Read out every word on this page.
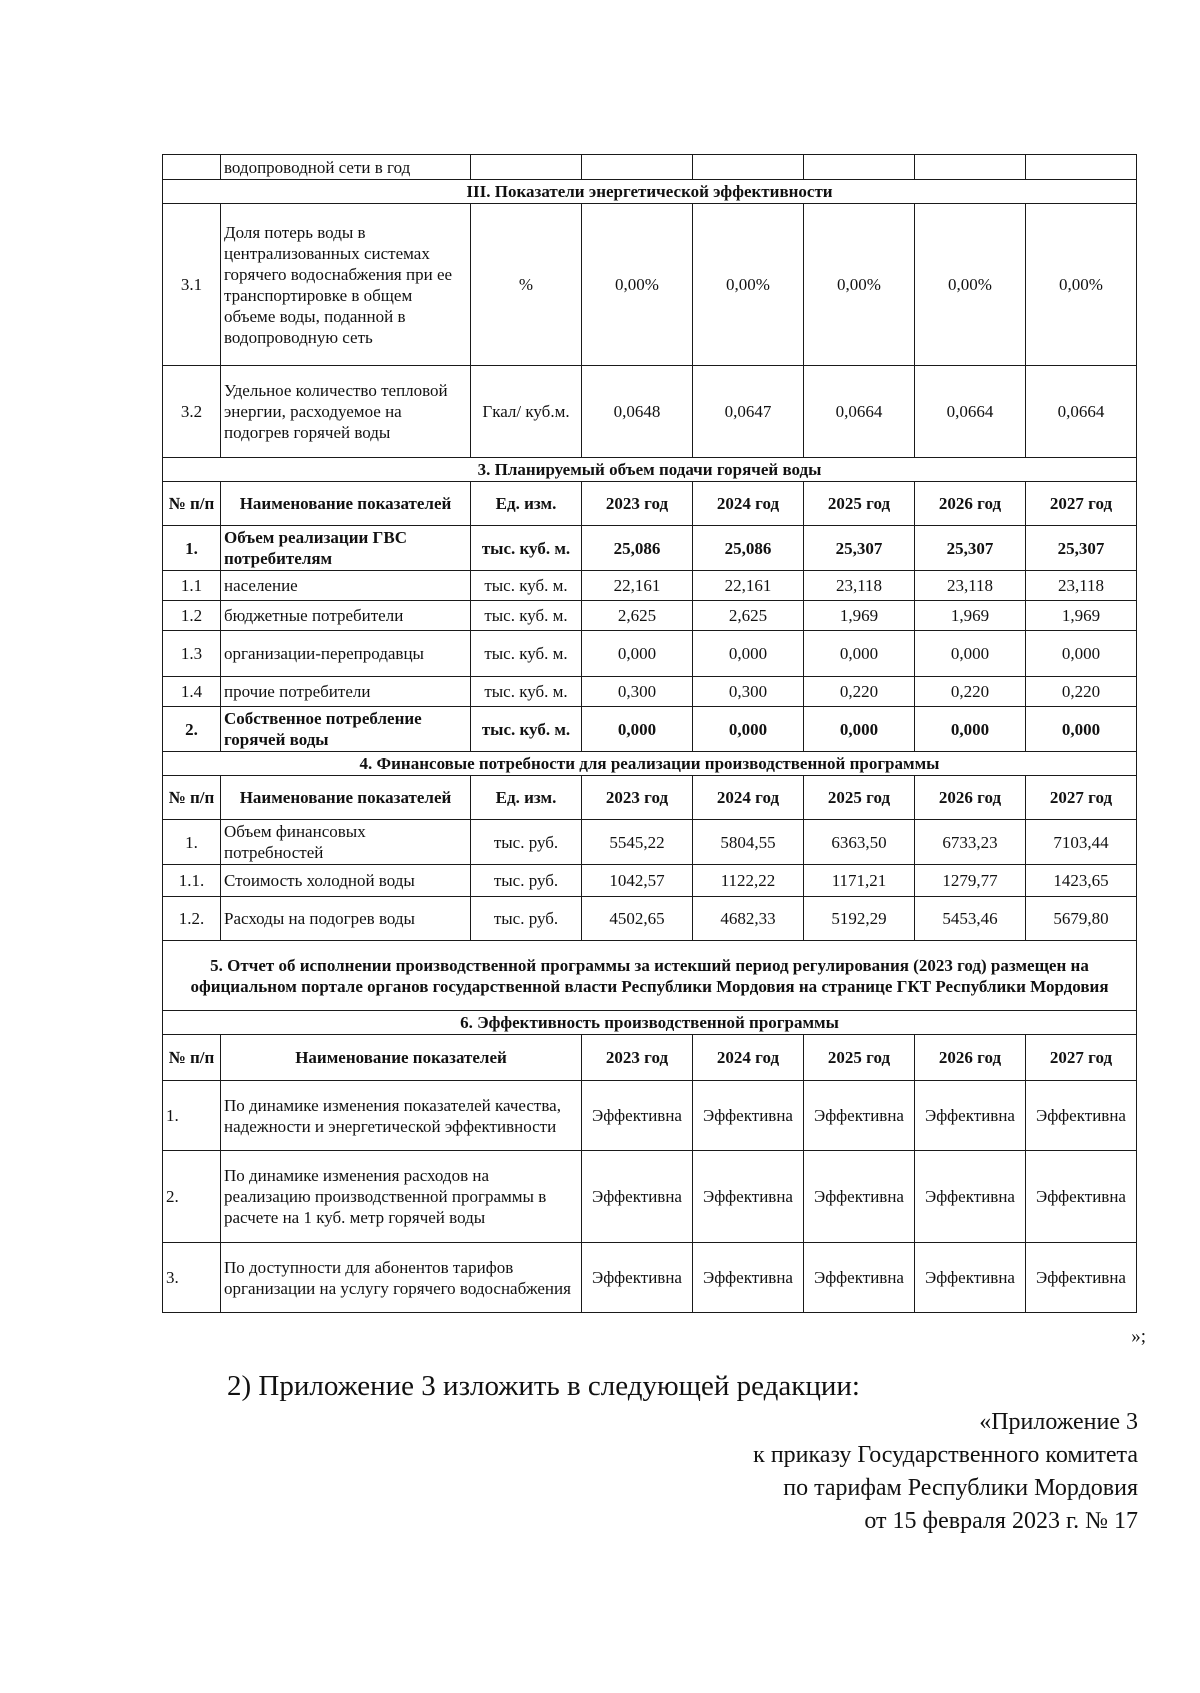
	водопроводной сети в год						
III. Показатели энергетической эффективности							
3.1	Доля потерь воды в централизованных системах горячего водоснабжения при ее транспортировке в общем объеме воды, поданной в водопроводную сеть	%	0,00%	0,00%	0,00%	0,00%	0,00%
3.2	Удельное количество тепловой энергии, расходуемое на подогрев горячей воды	Гкал/ куб.м.	0,0648	0,0647	0,0664	0,0664	0,0664
3. Планируемый объем подачи горячей воды							
№ п/п	Наименование показателей	Ед. изм.	2023 год	2024 год	2025 год	2026 год	2027 год
1.	Объем реализации ГВС потребителям	тыс. куб. м.	25,086	25,086	25,307	25,307	25,307
1.1	население	тыс. куб. м.	22,161	22,161	23,118	23,118	23,118
1.2	бюджетные потребители	тыс. куб. м.	2,625	2,625	1,969	1,969	1,969
1.3	организации-перепродавцы	тыс. куб. м.	0,000	0,000	0,000	0,000	0,000
1.4	прочие потребители	тыс. куб. м.	0,300	0,300	0,220	0,220	0,220
2.	Собственное потребление горячей воды	тыс. куб. м.	0,000	0,000	0,000	0,000	0,000
4. Финансовые потребности для реализации производственной программы							
№ п/п	Наименование показателей	Ед. изм.	2023 год	2024 год	2025 год	2026 год	2027 год
1.	Объем финансовых потребностей	тыс. руб.	5545,22	5804,55	6363,50	6733,23	7103,44
1.1.	Стоимость холодной воды	тыс. руб.	1042,57	1122,22	1171,21	1279,77	1423,65
1.2.	Расходы на подогрев воды	тыс. руб.	4502,65	4682,33	5192,29	5453,46	5679,80
5. Отчет об исполнении производственной программы за истекший период регулирования (2023 год) размещен на официальном портале органов государственной власти Республики Мордовия на странице ГКТ Республики Мордовия							
6. Эффективность производственной программы							
№ п/п	Наименование показателей		2023 год	2024 год	2025 год	2026 год	2027 год
1.	По динамике изменения показателей качества, надежности и энергетической эффективности		Эффективна	Эффективна	Эффективна	Эффективна	Эффективна
2.	По динамике изменения расходов на реализацию производственной программы в расчете на 1 куб. метр горячей воды		Эффективна	Эффективна	Эффективна	Эффективна	Эффективна
3.	По доступности для абонентов тарифов организации на услугу горячего водоснабжения		Эффективна	Эффективна	Эффективна	Эффективна	Эффективна
»;
2) Приложение 3 изложить в следующей редакции:
«Приложение 3
к приказу Государственного комитета
по тарифам Республики Мордовия
от 15 февраля 2023 г. № 17
